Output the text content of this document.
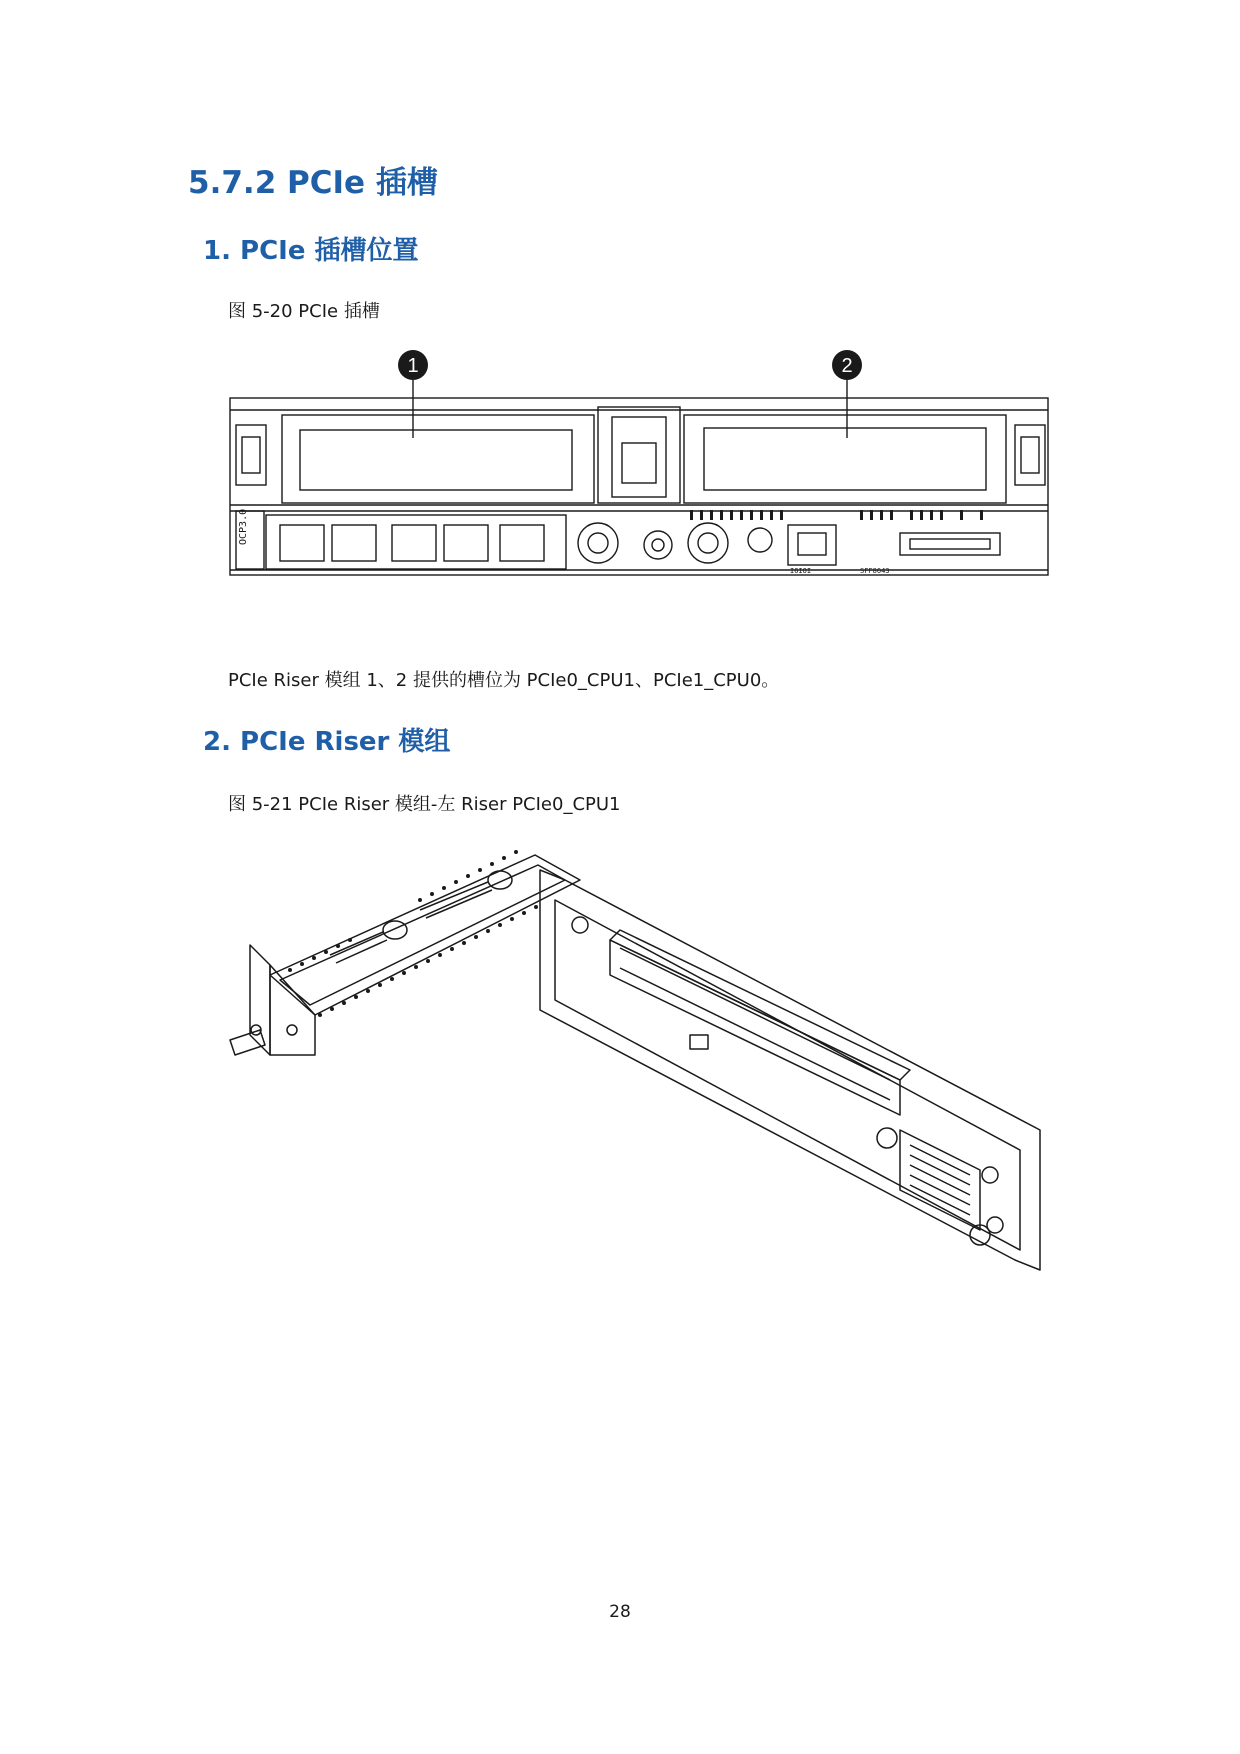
5.7.2 PCIe 插槽
1. PCIe 插槽位置

图 5-20 PCIe 插槽

1	2
OCP3.0
IOIOI	SFF8643

PCIe Riser 模组 1、2 提供的槽位为 PCIe0_CPU1、PCIe1_CPU0。

2. PCIe Riser 模组

图 5-21 PCIe Riser 模组-左 Riser PCIe0_CPU1

28
